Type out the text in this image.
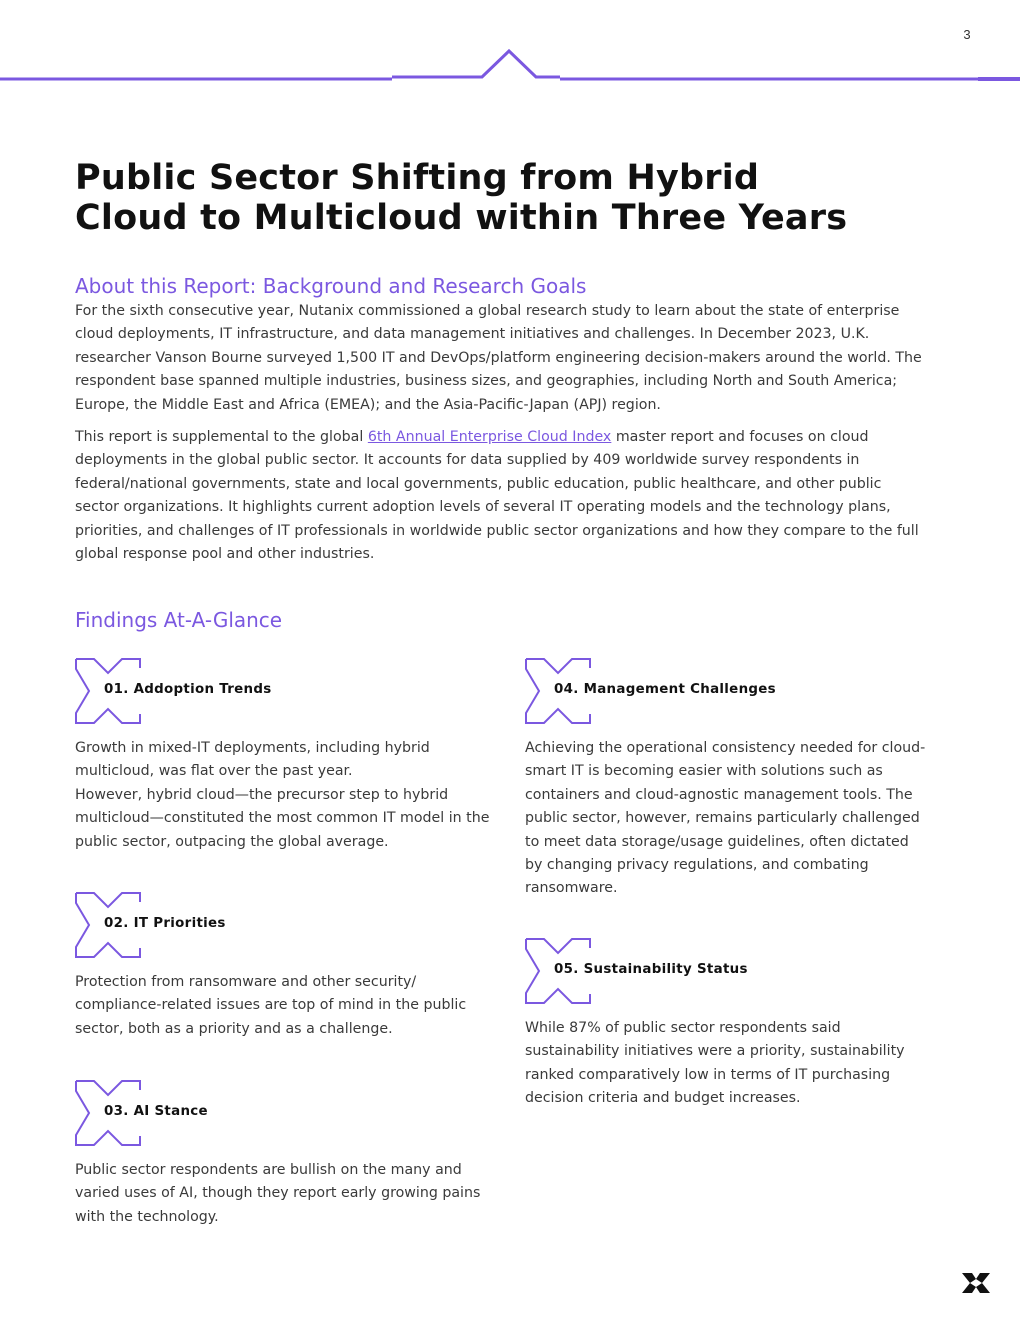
3
Public Sector Shifting from Hybrid
Cloud to Multicloud within Three Years
About this Report: Background and Research Goals

For the sixth consecutive year, Nutanix commissioned a global research study to learn about the state of enterprise cloud deployments, IT infrastructure, and data management initiatives and challenges. In December 2023, U.K. researcher Vanson Bourne surveyed 1,500 IT and DevOps/platform engineering decision-makers around the world. The respondent base spanned multiple industries, business sizes, and geographies, including North and South America; Europe, the Middle East and Africa (EMEA); and the Asia-Pacific-Japan (APJ) region.

This report is supplemental to the global 6th Annual Enterprise Cloud Index master report and focuses on cloud deployments in the global public sector. It accounts for data supplied by 409 worldwide survey respondents in federal/national governments, state and local governments, public education, public healthcare, and other public sector organizations. It highlights current adoption levels of several IT operating models and the technology plans, priorities, and challenges of IT professionals in worldwide public sector organizations and how they compare to the full global response pool and other industries.

Findings At-A-Glance
01. Addoption Trends

Growth in mixed-IT deployments, including hybrid multicloud, was flat over the past year.

However, hybrid cloud—the precursor step to hybrid multicloud—constituted the most common IT model in the public sector, outpacing the global average.

02. IT Priorities

Protection from ransomware and other security/ compliance-related issues are top of mind in the public sector, both as a priority and as a challenge.

03. AI Stance

Public sector respondents are bullish on the many and varied uses of AI, though they report early growing pains with the technology.

04. Management Challenges

Achieving the operational consistency needed for cloud-smart IT is becoming easier with solutions such as containers and cloud-agnostic management tools. The public sector, however, remains particularly challenged to meet data storage/usage guidelines, often dictated by changing privacy regulations, and combating ransomware.

05. Sustainability Status

While 87% of public sector respondents said sustainability initiatives were a priority, sustainability ranked comparatively low in terms of IT purchasing decision criteria and budget increases.
